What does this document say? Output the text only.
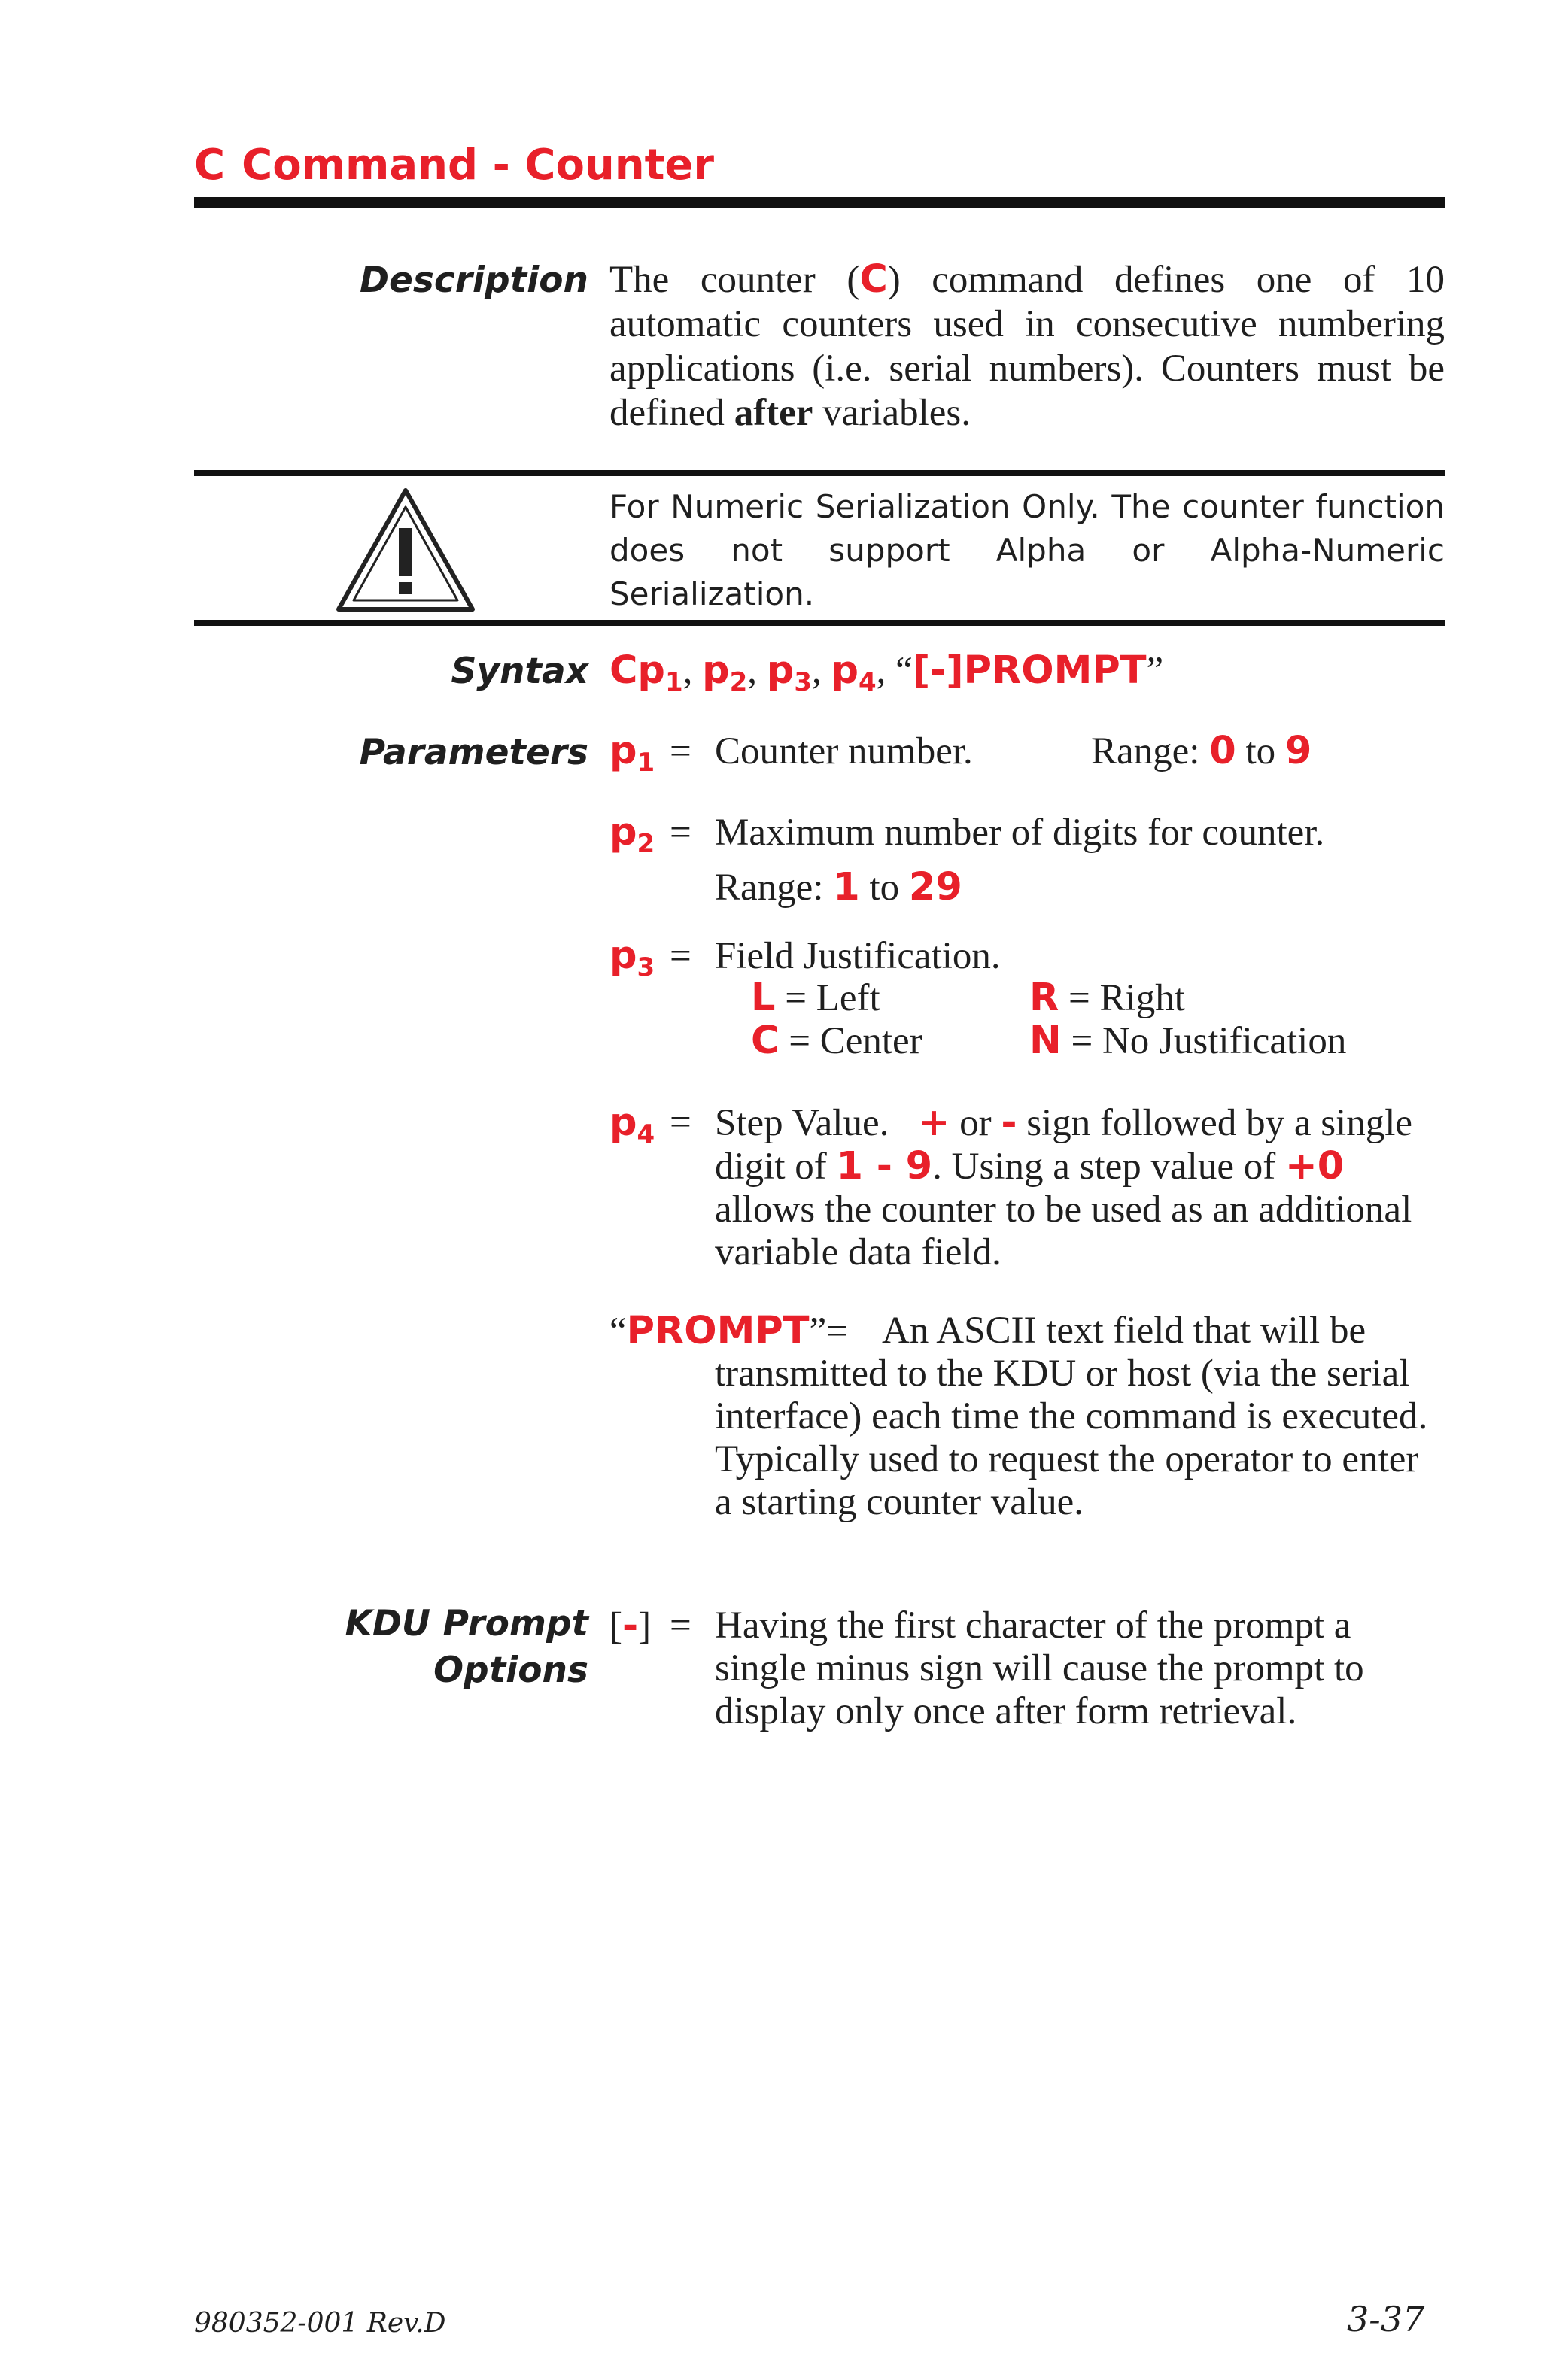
C Command - Counter
Description The counter (C) command defines one of 10 automatic counters used in consecutive numbering applications (i.e. serial numbers). Counters must be defined after variables.
For Numeric Serialization Only. The counter function does not support Alpha or Alpha-Numeric Serialization.
Syntax $Cp_1$, $p_2$, $p_3$, $p_4$, “[-]PROMPT”
Parameters $p_1$ = Counter number.	Range: 0 to 9
$p_2$ = Maximum number of digits for counter.
Range: 1 to 29
$p_3$ = Field Justification.
L = Left	R = Right
C = Center	N = No Justification
$p_4$ = Step Value. + or - sign followed by a single digit of 1 - 9. Using a step value of +0 allows the counter to be used as an additional variable data field.
“PROMPT”= An ASCII text field that will be transmitted to the KDU or host (via the serial interface) each time the command is executed. Typically used to request the operator to enter a starting counter value.
KDU Prompt
Options
[-] = Having the first character of the prompt a single minus sign will cause the prompt to display only once after form retrieval.
980352-001 Rev.D	3-37
